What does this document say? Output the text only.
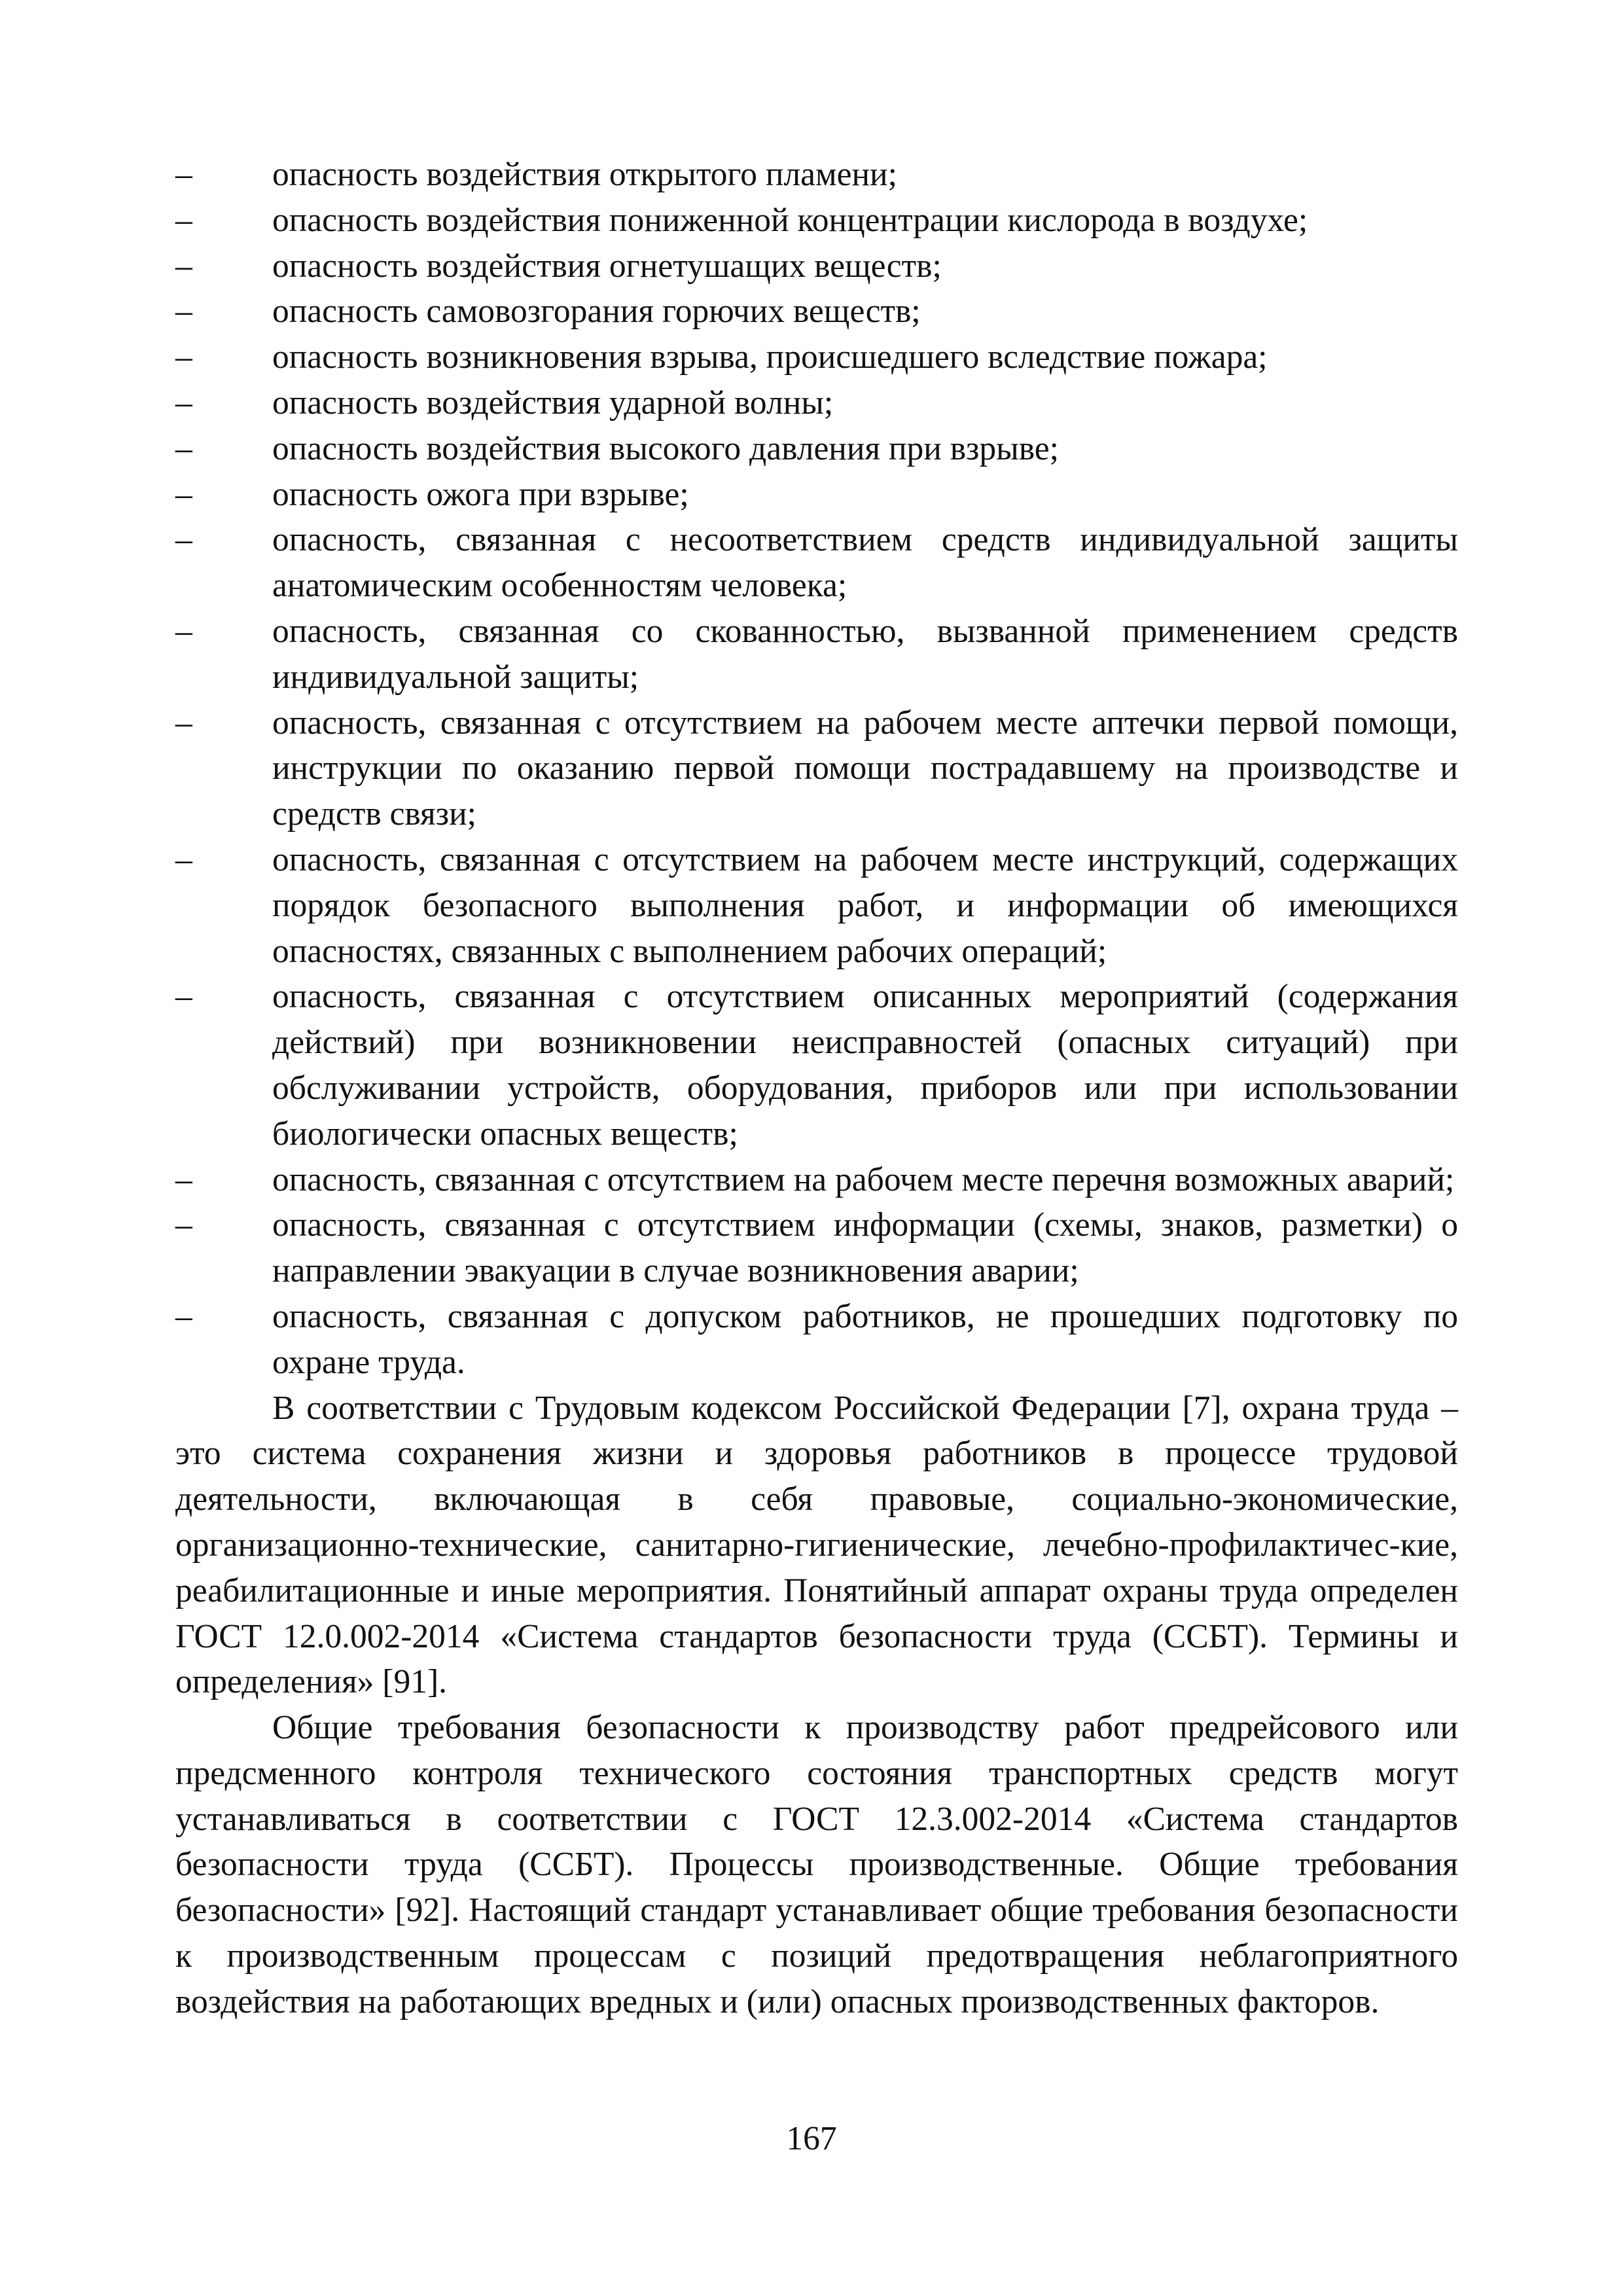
– опасность воздействия открытого пламени;
– опасность воздействия пониженной концентрации кислорода в воздухе;
– опасность воздействия огнетушащих веществ;
– опасность самовозгорания горючих веществ;
– опасность возникновения взрыва, происшедшего вследствие пожара;
– опасность воздействия ударной волны;
– опасность воздействия высокого давления при взрыве;
– опасность ожога при взрыве;
– опасность, связанная с несоответствием средств индивидуальной защиты анатомическим особенностям человека;
– опасность, связанная со скованностью, вызванной применением средств индивидуальной защиты;
– опасность, связанная с отсутствием на рабочем месте аптечки первой помощи, инструкции по оказанию первой помощи пострадавшему на производстве и средств связи;
– опасность, связанная с отсутствием на рабочем месте инструкций, содержащих порядок безопасного выполнения работ, и информации об имеющихся опасностях, связанных с выполнением рабочих операций;
– опасность, связанная с отсутствием описанных мероприятий (содержания действий) при возникновении неисправностей (опасных ситуаций) при обслуживании устройств, оборудования, приборов или при использовании биологически опасных веществ;
– опасность, связанная с отсутствием на рабочем месте перечня возможных аварий;
– опасность, связанная с отсутствием информации (схемы, знаков, разметки) о направлении эвакуации в случае возникновения аварии;
– опасность, связанная с допуском работников, не прошедших подготовку по охране труда.

В соответствии с Трудовым кодексом Российской Федерации [7], охрана труда – это система сохранения жизни и здоровья работников в процессе трудовой деятельности, включающая в себя правовые, социально-экономические, организационно-технические, санитарно-гигиенические, лечебно-профилактичес-кие, реабилитационные и иные мероприятия. Понятийный аппарат охраны труда определен ГОСТ 12.0.002-2014 «Система стандартов безопасности труда (ССБТ). Термины и определения» [91].

Общие требования безопасности к производству работ предрейсового или предсменного контроля технического состояния транспортных средств могут устанавливаться в соответствии с ГОСТ 12.3.002-2014 «Система стандартов безопасности труда (ССБТ). Процессы производственные. Общие требования безопасности» [92]. Настоящий стандарт устанавливает общие требования безопасности к производственным процессам с позиций предотвращения неблагоприятного воздействия на работающих вредных и (или) опасных производственных факторов.

167
